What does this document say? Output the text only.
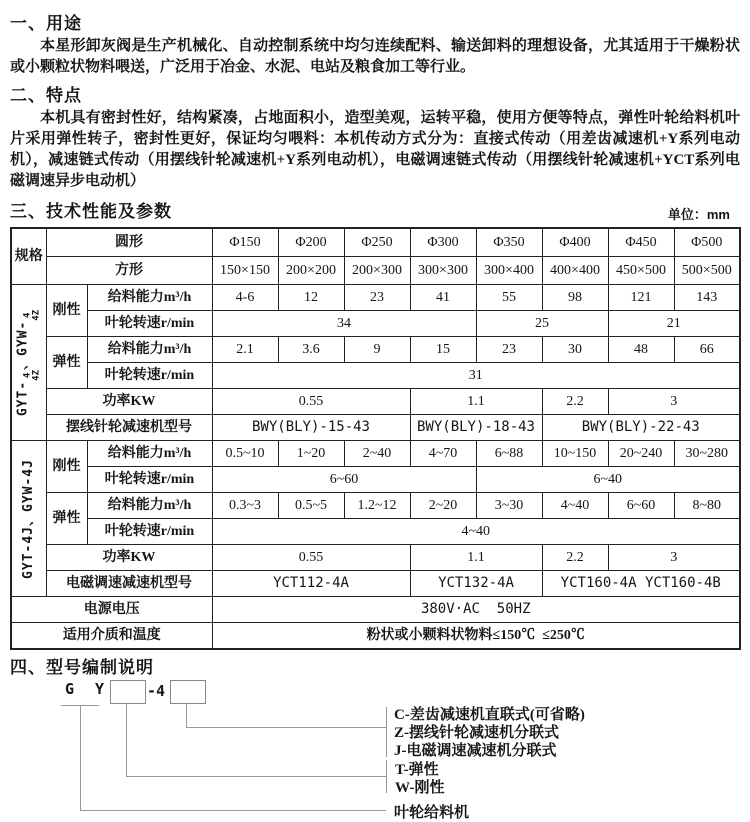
一、用途

本星形卸灰阀是生产机械化、自动控制系统中均匀连续配料、输送卸料的理想设备，尤其适用于干燥粉状或小颗粒状物料喂送，广泛用于冶金、水泥、电站及粮食加工等行业。

二、特点

本机具有密封性好，结构紧凑，占地面积小，造型美观，运转平稳，使用方便等特点，弹性叶轮给料机叶片采用弹性转子，密封性更好，保证均匀喂料：本机传动方式分为：直接式传动（用差齿减速机+Y系列电动机），减速链式传动（用摆线针轮减速机+Y系列电动机），电磁调速链式传动（用摆线针轮减速机+YCT系列电磁调速异步电动机）

三、技术性能及参数	单位：mm
规格	圆形		Φ150	Φ200	Φ250	Φ300	Φ350	Φ400	Φ450	Φ500
	方形		150×150	200×200	200×300	300×300	300×400	400×400	450×500	500×500

GYT-
4 4Z
、GYW-
4 4Z	刚性	给料能力m³/h	4-6	12	23	41	55	98	121	143
		叶轮转速r/min	34				25		21	
	弹性	给料能力m³/h	2.1	3.6	9	15	23	30	48	66
		叶轮转速r/min	31							
	功率KW		0.55			1.1		2.2	3	
	摆线针轮减速机型号		BWY(BLY)-15-43			BWY(BLY)-18-43		BWY(BLY)-22-43		

GYT-4J、GYW-4J	刚性	给料能力m³/h	0.5~10	1~20	2~40	4~70	6~88	10~150	20~240	30~280
		叶轮转速r/min	6~60				6~40			
	弹性	给料能力m³/h	0.3~3	0.5~5	1.2~12	2~20	3~30	4~40	6~60	8~80
		叶轮转速r/min	4~40							
	功率KW		0.55			1.1		2.2	3	
	电磁调速减速机型号		YCT112-4A			YCT132-4A		YCT160-4A YCT160-4B		
电源电压			380V·AC  50HZ							
适用介质和温度			粉状或小颗料状物料≤150℃  ≤250℃							
四、型号编制说明
G Y -4
叶轮给料机
T-弹性
W-刚性
C-差齿减速机直联式(可省略)
Z-摆线针轮减速机分联式
J-电磁调速减速机分联式
